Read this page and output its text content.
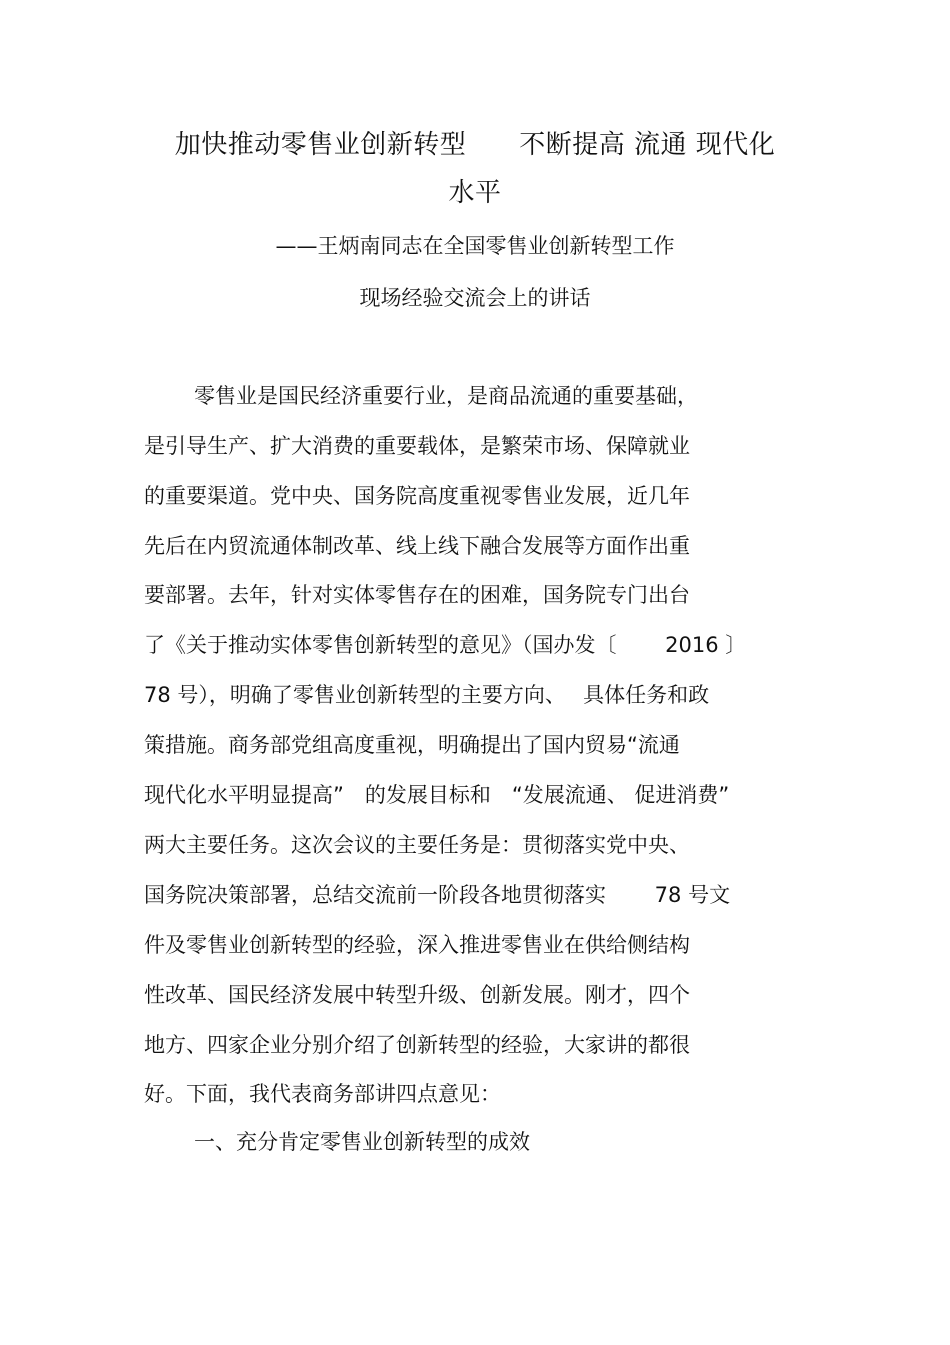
加快推动零售业创新转型　　不断提高 流通 现代化
水平
——王炳南同志在全国零售业创新转型工作
现场经验交流会上的讲话
零售业是国民经济重要行业，是商品流通的重要基础，
是引导生产、扩大消费的重要载体，是繁荣市场、保障就业
的重要渠道。党中央、国务院高度重视零售业发展，近几年
先后在内贸流通体制改革、线上线下融合发展等方面作出重
要部署。去年，针对实体零售存在的困难，国务院专门出台
了《关于推动实体零售创新转型的意见》（国办发〔　　 2016 〕
78 号），明确了零售业创新转型的主要方向、　 具体任务和政
策措施。商务部党组高度重视，明确提出了国内贸易“流通
现代化水平明显提高”　的发展目标和　“发展流通、 促进消费”
两大主要任务。这次会议的主要任务是：贯彻落实党中央、
国务院决策部署，总结交流前一阶段各地贯彻落实　　 78 号文
件及零售业创新转型的经验，深入推进零售业在供给侧结构
性改革、国民经济发展中转型升级、创新发展。刚才，四个
地方、四家企业分别介绍了创新转型的经验，大家讲的都很
好。下面，我代表商务部讲四点意见：
一、充分肯定零售业创新转型的成效
